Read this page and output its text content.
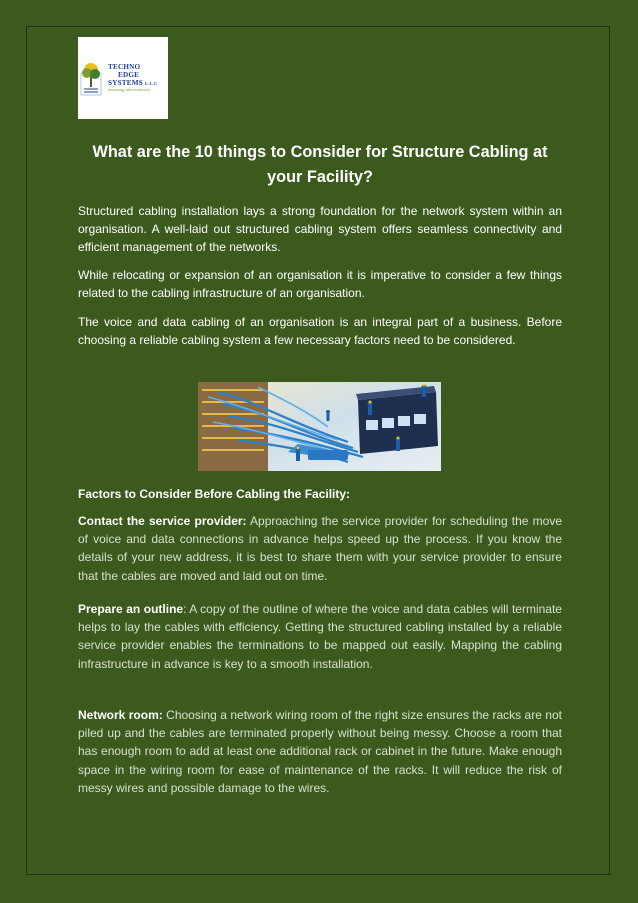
TECHNO
EDGE
SYSTEMS L.L.C
technology with excellence
What are the 10 things to Consider for Structure Cabling at your Facility?
Structured cabling installation lays a strong foundation for the network system within an organisation. A well-laid out structured cabling system offers seamless connectivity and efficient management of the networks.
While relocating or expansion of an organisation it is imperative to consider a few things related to the cabling infrastructure of an organisation.
The voice and data cabling of an organisation is an integral part of a business. Before choosing a reliable cabling system a few necessary factors need to be considered.
Factors to Consider Before Cabling the Facility:
Contact the service provider: Approaching the service provider for scheduling the move of voice and data connections in advance helps speed up the process. If you know the details of your new address, it is best to share them with your service provider to ensure that the cables are moved and laid out on time.
Prepare an outline: A copy of the outline of where the voice and data cables will terminate helps to lay the cables with efficiency. Getting the structured cabling installed by a reliable service provider enables the terminations to be mapped out easily. Mapping the cabling infrastructure in advance is key to a smooth installation.
Network room: Choosing a network wiring room of the right size ensures the racks are not piled up and the cables are terminated properly without being messy. Choose a room that has enough room to add at least one additional rack or cabinet in the future. Make enough space in the wiring room for ease of maintenance of the racks. It will reduce the risk of messy wires and possible damage to the wires.
